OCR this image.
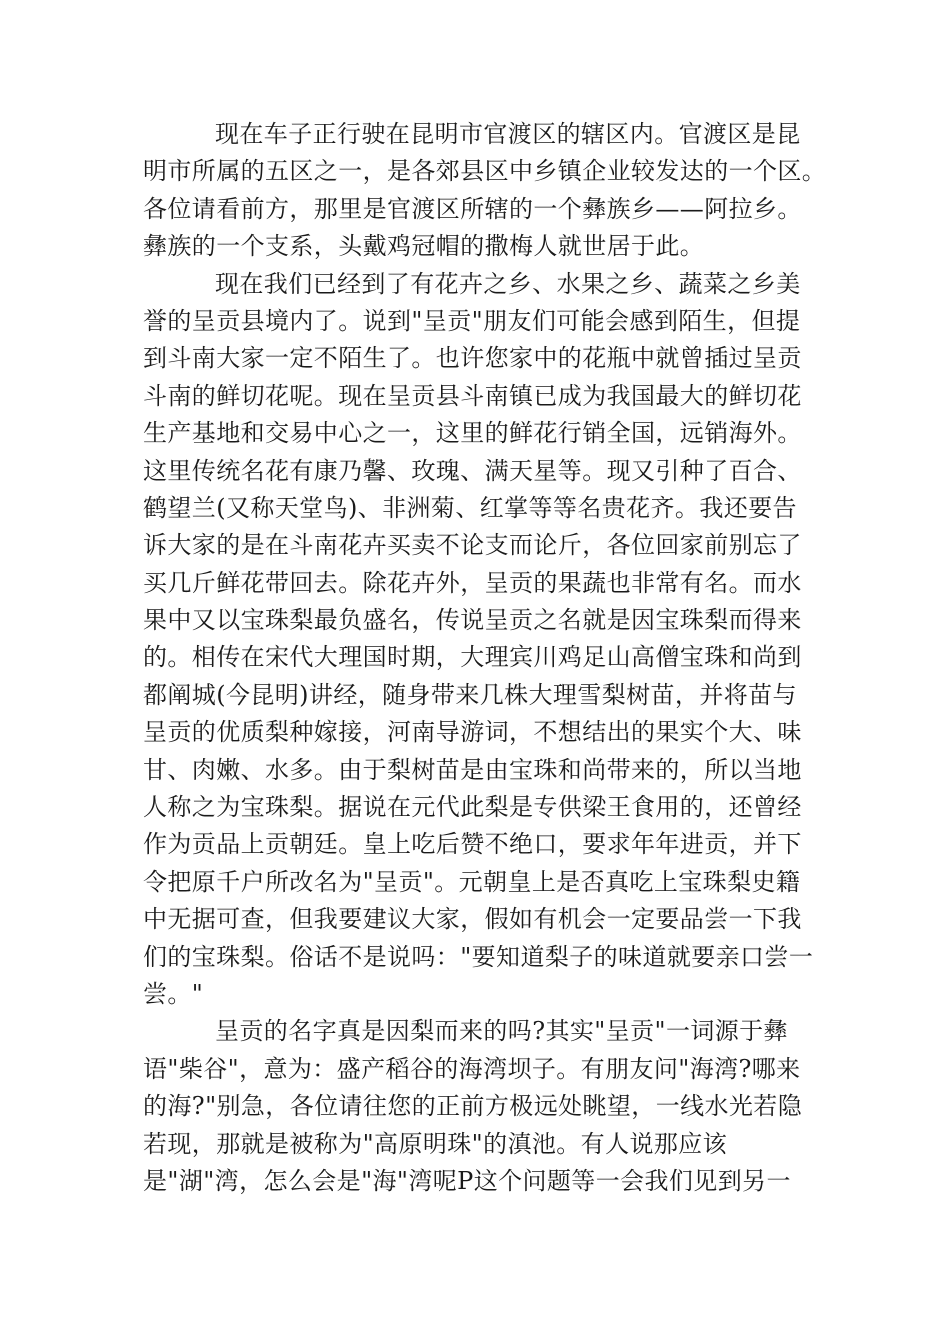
现在车子正行驶在昆明市官渡区的辖区内。官渡区是昆
明市所属的五区之一，是各郊县区中乡镇企业较发达的一个区。
各位请看前方，那里是官渡区所辖的一个彝族乡——阿拉乡。
彝族的一个支系，头戴鸡冠帽的撒梅人就世居于此。
现在我们已经到了有花卉之乡、水果之乡、蔬菜之乡美
誉的呈贡县境内了。说到"呈贡"朋友们可能会感到陌生，但提
到斗南大家一定不陌生了。也许您家中的花瓶中就曾插过呈贡
斗南的鲜切花呢。现在呈贡县斗南镇已成为我国最大的鲜切花
生产基地和交易中心之一，这里的鲜花行销全国，远销海外。
这里传统名花有康乃馨、玫瑰、满天星等。现又引种了百合、
鹤望兰(又称天堂鸟)、非洲菊、红掌等等名贵花齐。我还要告
诉大家的是在斗南花卉买卖不论支而论斤，各位回家前别忘了
买几斤鲜花带回去。除花卉外，呈贡的果蔬也非常有名。而水
果中又以宝珠梨最负盛名，传说呈贡之名就是因宝珠梨而得来
的。相传在宋代大理国时期，大理宾川鸡足山高僧宝珠和尚到
都阐城(今昆明)讲经，随身带来几株大理雪梨树苗，并将苗与
呈贡的优质梨种嫁接，河南导游词，不想结出的果实个大、味
甘、肉嫩、水多。由于梨树苗是由宝珠和尚带来的，所以当地
人称之为宝珠梨。据说在元代此梨是专供梁王食用的，还曾经
作为贡品上贡朝廷。皇上吃后赞不绝口，要求年年进贡，并下
令把原千户所改名为"呈贡"。元朝皇上是否真吃上宝珠梨史籍
中无据可查，但我要建议大家，假如有机会一定要品尝一下我
们的宝珠梨。俗话不是说吗："要知道梨子的味道就要亲口尝一
尝。"
呈贡的名字真是因梨而来的吗?其实"呈贡"一词源于彝
语"柴谷"，意为：盛产稻谷的海湾坝子。有朋友问"海湾?哪来
的海?"别急，各位请往您的正前方极远处眺望，一线水光若隐
若现，那就是被称为"高原明珠"的滇池。有人说那应该
是"湖"湾，怎么会是"海"湾呢P这个问题等一会我们见到另一
